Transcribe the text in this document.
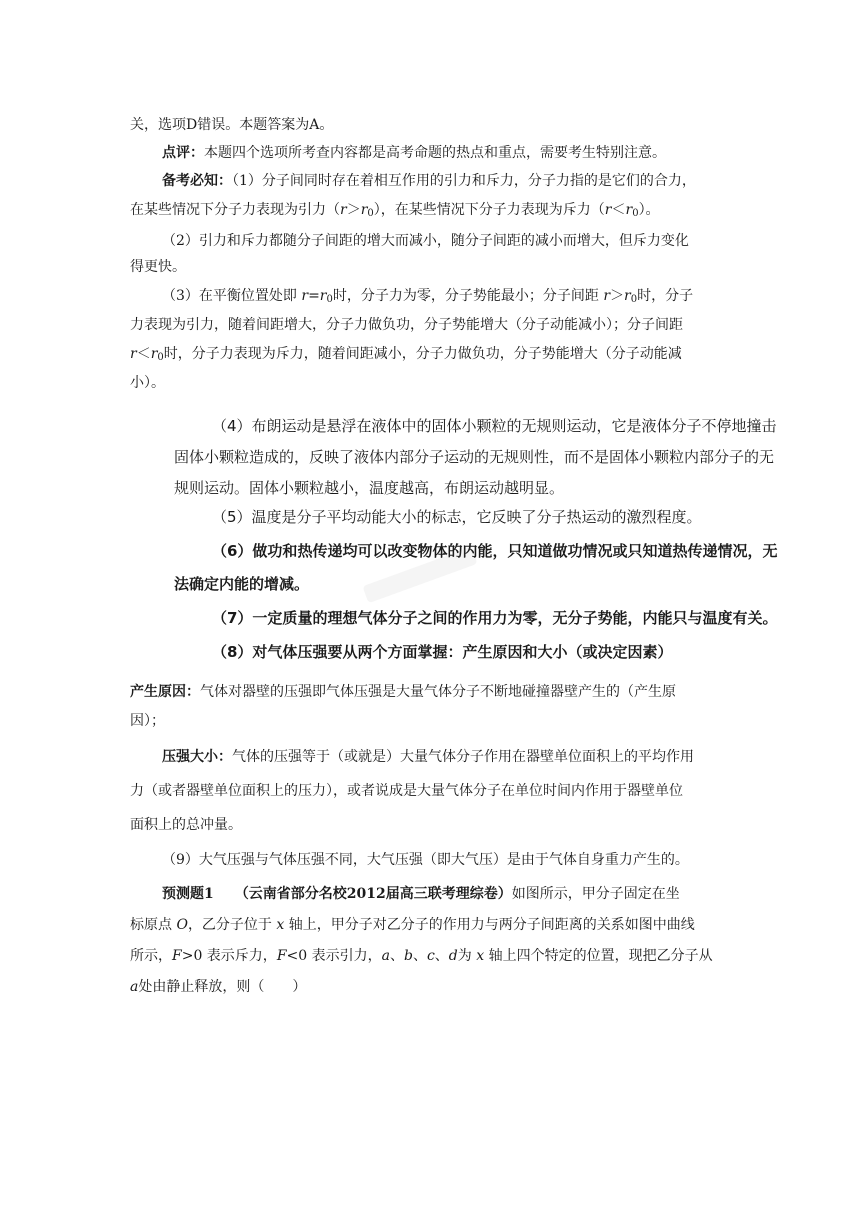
关，选项D错误。本题答案为A。
点评：本题四个选项所考查内容都是高考命题的热点和重点，需要考生特别注意。
备考必知：（1）分子间同时存在着相互作用的引力和斥力，分子力指的是它们的合力，
在某些情况下分子力表现为引力$(r>r_0)$，在某些情况下分子力表现为斥力$(r<r_0)$。
（2）引力和斥力都随分子间距的增大而减小，随分子间距的减小而增大，但斥力变化
得更快。
（3）在平衡位置处即 $r=r_0$时，分子力为零，分子势能最小；分子间距 $r>r_0$时，分子
力表现为引力，随着间距增大，分子力做负功，分子势能增大（分子动能减小）；分子间距
$r<r_0$时，分子力表现为斥力，随着间距减小，分子力做负功，分子势能增大（分子动能减
小）。
（4）布朗运动是悬浮在液体中的固体小颗粒的无规则运动，它是液体分子不停地撞击
固体小颗粒造成的，反映了液体内部分子运动的无规则性，而不是固体小颗粒内部分子的无
规则运动。固体小颗粒越小，温度越高，布朗运动越明显。
（5）温度是分子平均动能大小的标志，它反映了分子热运动的激烈程度。
（6）做功和热传递均可以改变物体的内能，只知道做功情况或只知道热传递情况，无
法确定内能的增减。
（7）一定质量的理想气体分子之间的作用力为零，无分子势能，内能只与温度有关。
（8）对气体压强要从两个方面掌握：产生原因和大小（或决定因素）
产生原因：气体对器壁的压强即气体压强是大量气体分子不断地碰撞器壁产生的（产生原
因）；
压强大小：气体的压强等于（或就是）大量气体分子作用在器壁单位面积上的平均作用
力（或者器壁单位面积上的压力），或者说成是大量气体分子在单位时间内作用于器壁单位
面积上的总冲量。
（9）大气压强与气体压强不同，大气压强（即大气压）是由于气体自身重力产生的。
预测题1　　（云南省部分名校2012届高三联考理综卷）如图所示，甲分子固定在坐
标原点 O，乙分子位于 x 轴上，甲分子对乙分子的作用力与两分子间距离的关系如图中曲线
所示，F>0 表示斥力，F<0 表示引力，a、b、c、d为 x 轴上四个特定的位置，现把乙分子从
a处由静止释放，则（　　）
